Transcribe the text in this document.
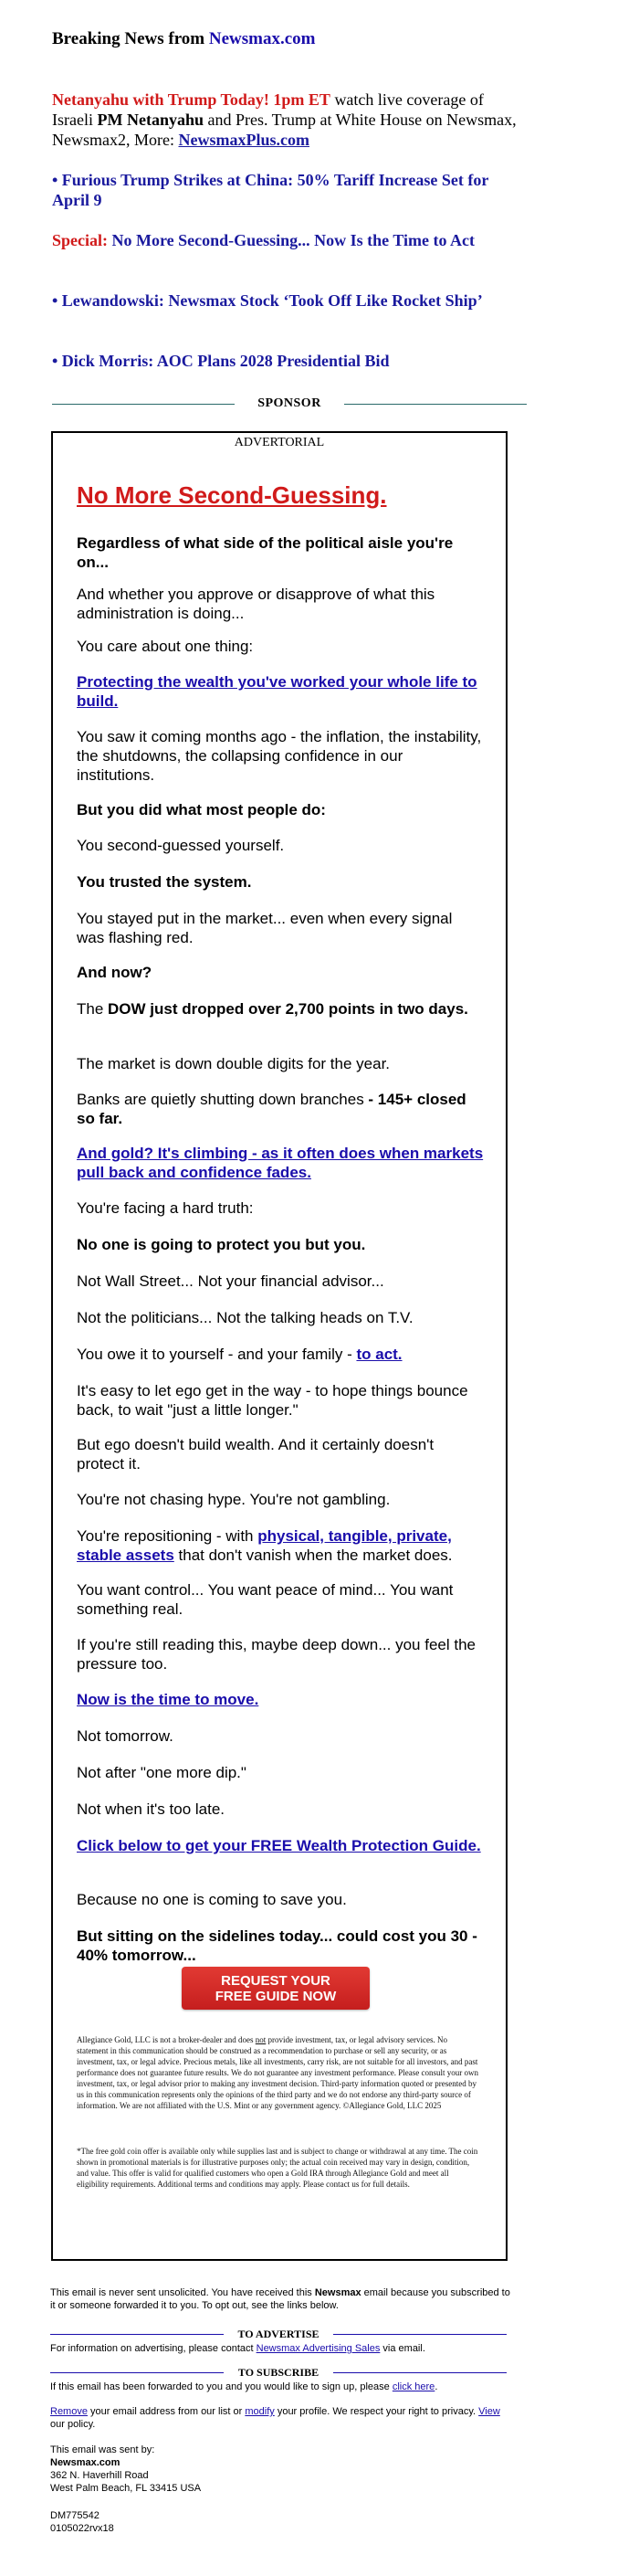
Breaking News from Newsmax.com
Netanyahu with Trump Today! 1pm ET watch live coverage of Israeli PM Netanyahu and Pres. Trump at White House on Newsmax, Newsmax2, More: NewsmaxPlus.com
• Furious Trump Strikes at China: 50% Tariff Increase Set for April 9
Special: No More Second-Guessing... Now Is the Time to Act
• Lewandowski: Newsmax Stock ‘Took Off Like Rocket Ship’
• Dick Morris: AOC Plans 2028 Presidential Bid
SPONSOR
ADVERTORIAL
No More Second-Guessing.
Regardless of what side of the political aisle you're on...
And whether you approve or disapprove of what this administration is doing...
You care about one thing:
Protecting the wealth you've worked your whole life to build.
You saw it coming months ago - the inflation, the instability, the shutdowns, the collapsing confidence in our institutions.
But you did what most people do:
You second-guessed yourself.
You trusted the system.
You stayed put in the market... even when every signal was flashing red.
And now?
The DOW just dropped over 2,700 points in two days.
The market is down double digits for the year.
Banks are quietly shutting down branches - 145+ closed so far.
And gold? It's climbing - as it often does when markets pull back and confidence fades.
You're facing a hard truth:
No one is going to protect you but you.
Not Wall Street... Not your financial advisor...
Not the politicians... Not the talking heads on T.V.
You owe it to yourself - and your family - to act.
It's easy to let ego get in the way - to hope things bounce back, to wait "just a little longer."
But ego doesn't build wealth. And it certainly doesn't protect it.
You're not chasing hype. You're not gambling.
You're repositioning - with physical, tangible, private, stable assets that don't vanish when the market does.
You want control... You want peace of mind... You want something real.
If you're still reading this, maybe deep down... you feel the pressure too.
Now is the time to move.
Not tomorrow.
Not after "one more dip."
Not when it's too late.
Click below to get your FREE Wealth Protection Guide.
Because no one is coming to save you.
But sitting on the sidelines today... could cost you 30 - 40% tomorrow...
REQUEST YOUR
FREE GUIDE NOW
Allegiance Gold, LLC is not a broker-dealer and does not provide investment, tax, or legal advisory services. No statement in this communication should be construed as a recommendation to purchase or sell any security, or as investment, tax, or legal advice. Precious metals, like all investments, carry risk, are not suitable for all investors, and past performance does not guarantee future results. We do not guarantee any investment performance. Please consult your own investment, tax, or legal advisor prior to making any investment decision. Third-party information quoted or presented by us in this communication represents only the opinions of the third party and we do not endorse any third-party source of information. We are not affiliated with the U.S. Mint or any government agency. ©Allegiance Gold, LLC 2025
*The free gold coin offer is available only while supplies last and is subject to change or withdrawal at any time. The coin shown in promotional materials is for illustrative purposes only; the actual coin received may vary in design, condition, and value. This offer is valid for qualified customers who open a Gold IRA through Allegiance Gold and meet all eligibility requirements. Additional terms and conditions may apply. Please contact us for full details.
This email is never sent unsolicited. You have received this Newsmax email because you subscribed to it or someone forwarded it to you. To opt out, see the links below.
TO ADVERTISE
For information on advertising, please contact Newsmax Advertising Sales via email.
TO SUBSCRIBE
If this email has been forwarded to you and you would like to sign up, please click here.
Remove your email address from our list or modify your profile. We respect your right to privacy. View our policy.
This email was sent by:
Newsmax.com
362 N. Haverhill Road
West Palm Beach, FL 33415 USA
DM775542
0105022rvx18
